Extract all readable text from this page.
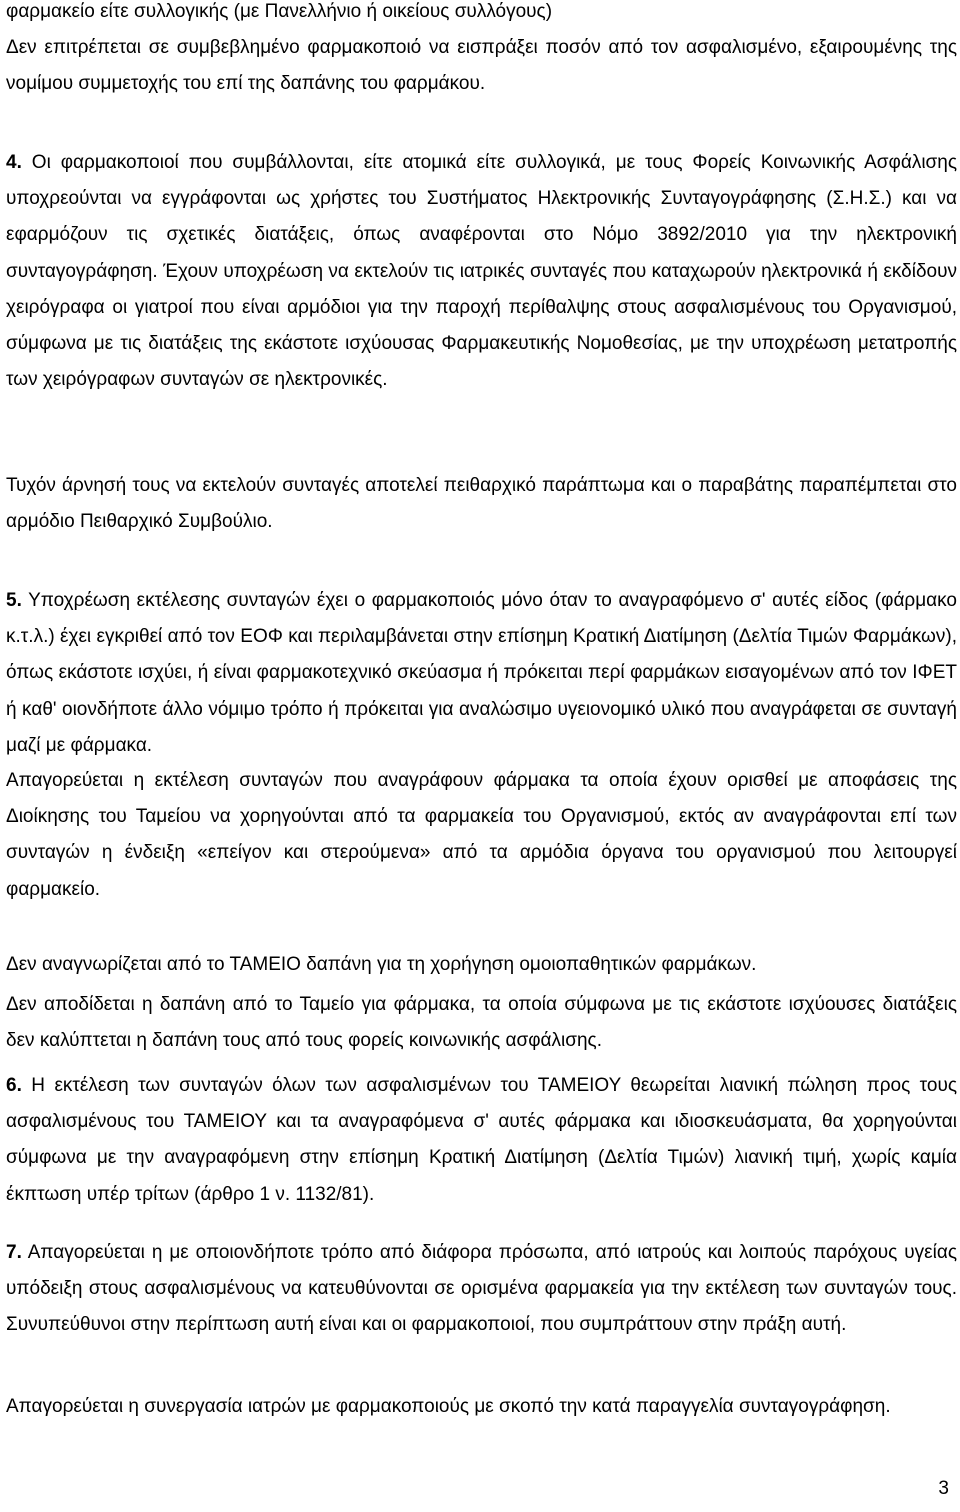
φαρμακείο είτε συλλογικής (με Πανελλήνιο ή οικείους συλλόγους)
Δεν επιτρέπεται σε συμβεβλημένο φαρμακοποιό να εισπράξει ποσόν από τον ασφαλισμένο, εξαιρουμένης της νομίμου συμμετοχής του επί της δαπάνης του φαρμάκου.
4. Οι φαρμακοποιοί που συμβάλλονται, είτε ατομικά είτε συλλογικά, με τους Φορείς Κοινωνικής Ασφάλισης υποχρεούνται να εγγράφονται ως χρήστες του Συστήματος Ηλεκτρονικής Συνταγογράφησης (Σ.Η.Σ.) και να εφαρμόζουν τις σχετικές διατάξεις, όπως αναφέρονται στο Νόμο 3892/2010 για την ηλεκτρονική συνταγογράφηση. Έχουν υποχρέωση να εκτελούν τις ιατρικές συνταγές που καταχωρούν ηλεκτρονικά ή εκδίδουν χειρόγραφα οι γιατροί που είναι αρμόδιοι για την παροχή περίθαλψης στους ασφαλισμένους του Οργανισμού, σύμφωνα με τις διατάξεις της εκάστοτε ισχύουσας Φαρμακευτικής Νομοθεσίας, με την υποχρέωση μετατροπής των χειρόγραφων συνταγών σε ηλεκτρονικές.
Τυχόν άρνησή τους να εκτελούν συνταγές αποτελεί πειθαρχικό παράπτωμα και ο παραβάτης παραπέμπεται στο αρμόδιο Πειθαρχικό Συμβούλιο.
5. Υποχρέωση εκτέλεσης συνταγών έχει ο φαρμακοποιός μόνο όταν το αναγραφόμενο σ' αυτές είδος (φάρμακο κ.τ.λ.) έχει εγκριθεί από τον ΕΟΦ και περιλαμβάνεται στην επίσημη Κρατική Διατίμηση (Δελτία Τιμών Φαρμάκων), όπως εκάστοτε ισχύει, ή είναι φαρμακοτεχνικό σκεύασμα ή πρόκειται περί φαρμάκων εισαγομένων από τον ΙΦΕΤ ή καθ' οιονδήποτε άλλο νόμιμο τρόπο ή πρόκειται για αναλώσιμο υγειονομικό υλικό που αναγράφεται σε συνταγή μαζί με φάρμακα.
Απαγορεύεται η εκτέλεση συνταγών που αναγράφουν φάρμακα τα οποία έχουν ορισθεί με αποφάσεις της Διοίκησης του Ταμείου να χορηγούνται από τα φαρμακεία του Οργανισμού, εκτός αν αναγράφονται επί των συνταγών η ένδειξη «επείγον και στερούμενα» από τα αρμόδια όργανα του οργανισμού που λειτουργεί φαρμακείο.
Δεν αναγνωρίζεται από το ΤΑΜΕΙΟ δαπάνη για τη χορήγηση ομοιοπαθητικών φαρμάκων.
Δεν αποδίδεται η δαπάνη από το Ταμείο για φάρμακα, τα οποία σύμφωνα με τις εκάστοτε ισχύουσες διατάξεις δεν καλύπτεται η δαπάνη τους από τους φορείς κοινωνικής ασφάλισης.
6. Η εκτέλεση των συνταγών όλων των ασφαλισμένων του ΤΑΜΕΙΟΥ θεωρείται λιανική πώληση προς τους ασφαλισμένους του ΤΑΜΕΙΟΥ και τα αναγραφόμενα σ' αυτές φάρμακα και ιδιοσκευάσματα, θα χορηγούνται σύμφωνα με την αναγραφόμενη στην επίσημη Κρατική Διατίμηση (Δελτία Τιμών) λιανική τιμή, χωρίς καμία έκπτωση υπέρ τρίτων (άρθρο 1 ν. 1132/81).
7. Απαγορεύεται η με οποιονδήποτε τρόπο από διάφορα πρόσωπα, από ιατρούς και λοιπούς παρόχους υγείας υπόδειξη στους ασφαλισμένους να κατευθύνονται σε ορισμένα φαρμακεία για την εκτέλεση των συνταγών τους. Συνυπεύθυνοι στην περίπτωση αυτή είναι και οι φαρμακοποιοί, που συμπράττουν στην πράξη αυτή.
Απαγορεύεται η συνεργασία ιατρών με φαρμακοποιούς με σκοπό την κατά παραγγελία συνταγογράφηση.
3
